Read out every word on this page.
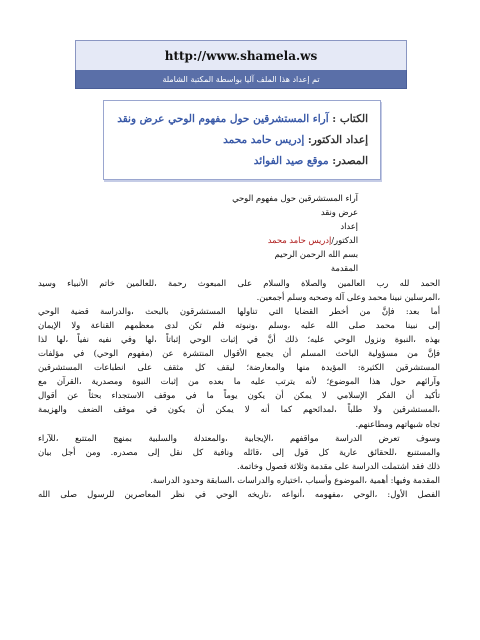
http://www.shamela.ws
تم إعداد هذا الملف آليا بواسطة المكتبة الشاملة
الكتاب : آراء المستشرقين حول مفهوم الوحي عرض ونقد
إعداد الدكتور: إدريس حامد محمد
المصدر: موقع صيد الفوائد

آراء المستشرقين حول مفهوم الوحي

عرض ونقد

إعداد

الدكتور/إدريس حامد محمد

بسم الله الرحمن الرحيم

المقدمة

الحمد لله رب العالمين والصلاة والسلام على المبعوث رحمة ،للعالمين خاتم الأنبياء وسيد

،المرسلين نبينا محمد وعلى آله وصحبه وسلم أجمعين.

أما بعد: فإنَّ من أخطر القضايا التي تناولها المستشرقون بالبحث ،والدراسة قضية الوحي

إلى نبينا محمد صلى الله عليه ،وسلم ،ونبوته فلم تكن لدى معظمهم القناعة ولا الإيمان

بهذه ،النبوة ونزول الوحي عليه؛ ذلك أنَّ في إثبات الوحي إثباتاً ،لها وفي نفيه نفياً ،لها لذا

فإنَّ من مسؤولية الباحث المسلم أن يجمع الأقوال المنتشرة عن (مفهوم الوحي) في مؤلفات

المستشرقين الكثيرة: المؤيدة منها والمعارضة؛ ليقف كل مثقف على انطباعات المستشرقين

وآرائهم حول هذا الموضوع؛ لأنه يترتب عليه ما بعده من إثبات النبوة ومصدرية ،القرآن مع

تأكيد أن الفكر الإسلامي لا يمكن أن يكون يوماً ما في موقف الاستجداء بحثاً عن أقوال

،المستشرقين ولا طلباً ،لمدائحهم كما أنه لا يمكن أن يكون في موقف الضعف والهزيمة

تجاه شبهاتهم ومطاعنهم.

وسوف تعرض الدراسة مواقفهم ،الإيجابية ،والمعتدلة والسلبية بمنهج المتتبع ،للآراء

والمستنبع ،للحقائق عارية كل قول إلى ،قائله ونافية كل نقل إلى مصدره. ومن أجل بيان

ذلك فقد اشتملت الدراسة على مقدمة وثلاثة فصول وخاتمة.

المقدمة وفيها: أهمية ،الموضوع وأسباب ،اختياره والدراسات ،السابقة وحدود الدراسة.

الفصل الأول: ،الوحي ،مفهومه ،أنواعه ،تاريخه الوحي في نظر المعاصرين للرسول صلى الله
